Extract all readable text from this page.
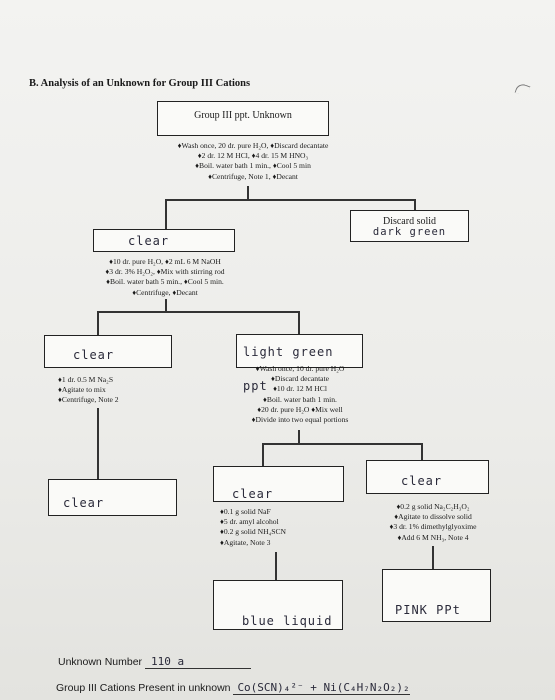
B. Analysis of an Unknown for Group III Cations
Group III ppt. Unknown
♦Wash once, 20 dr. pure H₂O, ♦Discard decantate
♦2 dr. 12 M HCl, ♦4 dr. 15 M HNO₃
♦Boil. water bath 1 min., ♦Cool 5 min
♦Centrifuge, Note 1, ♦Decant
Discard solid
dark green
clear
♦10 dr. pure H₂O, ♦2 mL 6 M NaOH
♦3 dr. 3% H₂O₂, ♦Mix with stirring rod
♦Boil. water bath 5 min., ♦Cool 5 min.
♦Centrifuge, ♦Decant
clear	light green ppt
♦1 dr. 0.5 M Na₂S
♦Agitate to mix
♦Centrifuge, Note 2
♦Wash once, 10 dr. pure H₂O
♦Discard decantate
♦10 dr. 12 M HCl
♦Boil. water bath 1 min.
♦20 dr. pure H₂O ♦Mix well
♦Divide into two equal portions
clear
clear
clear
♦0.1 g solid NaF
♦5 dr. amyl alcohol
♦0.2 g solid NH₄SCN
♦Agitate, Note 3
♦0.2 g solid Na₂C₂H₃O₂
♦Agitate to dissolve solid
♦3 dr. 1% dimethylglyoxime
♦Add 6 M NH₃, Note 4
blue liquid
PINK PPt
Unknown Number 110 a
Group III Cations Present in unknown Co(SCN)₄²⁻ + Ni(C₄H₇N₂O₂)₂
